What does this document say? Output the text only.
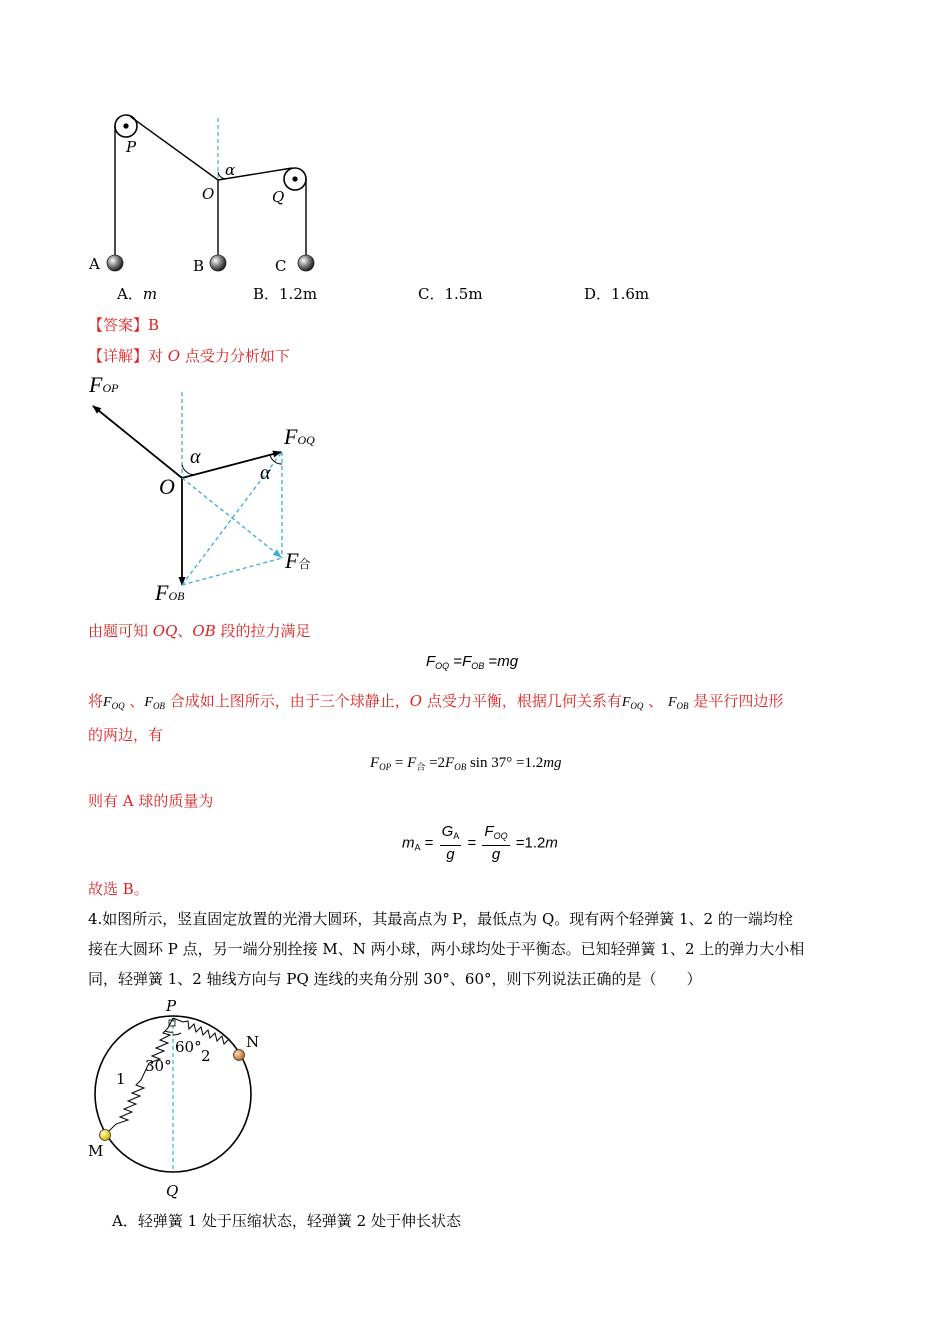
P
α
O	Q
A	B	C
A．m	B．1.2m	C．1.5m	D．1.6m
【答案】B
【详解】对 O 点受力分析如下
FOP
FOQ
F合
FOB
O
α
α
由题可知 OQ、OB 段的拉力满足
$F_{OQ} =F_{OB} =mg$
将$F_{OQ}$ 、$F_{OB}$ 合成如上图所示，由于三个球静止，O 点受力平衡，根据几何关系有$F_{OQ}$ 、 $F_{OB}$ 是平行四边形
的两边，有
$F_{OP} = F_合 =2F_{OB}$ sin 37° =1.2mg
则有 A 球的质量为
$m_A = \frac{G_A}{g} = \frac{F_{OQ}}{g} =1.2m$
故选 B。
4.如图所示，竖直固定放置的光滑大圆环，其最高点为 P，最低点为 Q。现有两个轻弹簧 1、2 的一端均栓
接在大圆环 P 点，另一端分别拴接 M、N 两小球，两小球均处于平衡态。已知轻弹簧 1、2 上的弹力大小相
同，轻弹簧 1、2 轴线方向与 PQ 连线的夹角分别 30°、60°，则下列说法正确的是（　　）
P
60° 2
N
30°
1
M
Q
A．轻弹簧 1 处于压缩状态，轻弹簧 2 处于伸长状态
